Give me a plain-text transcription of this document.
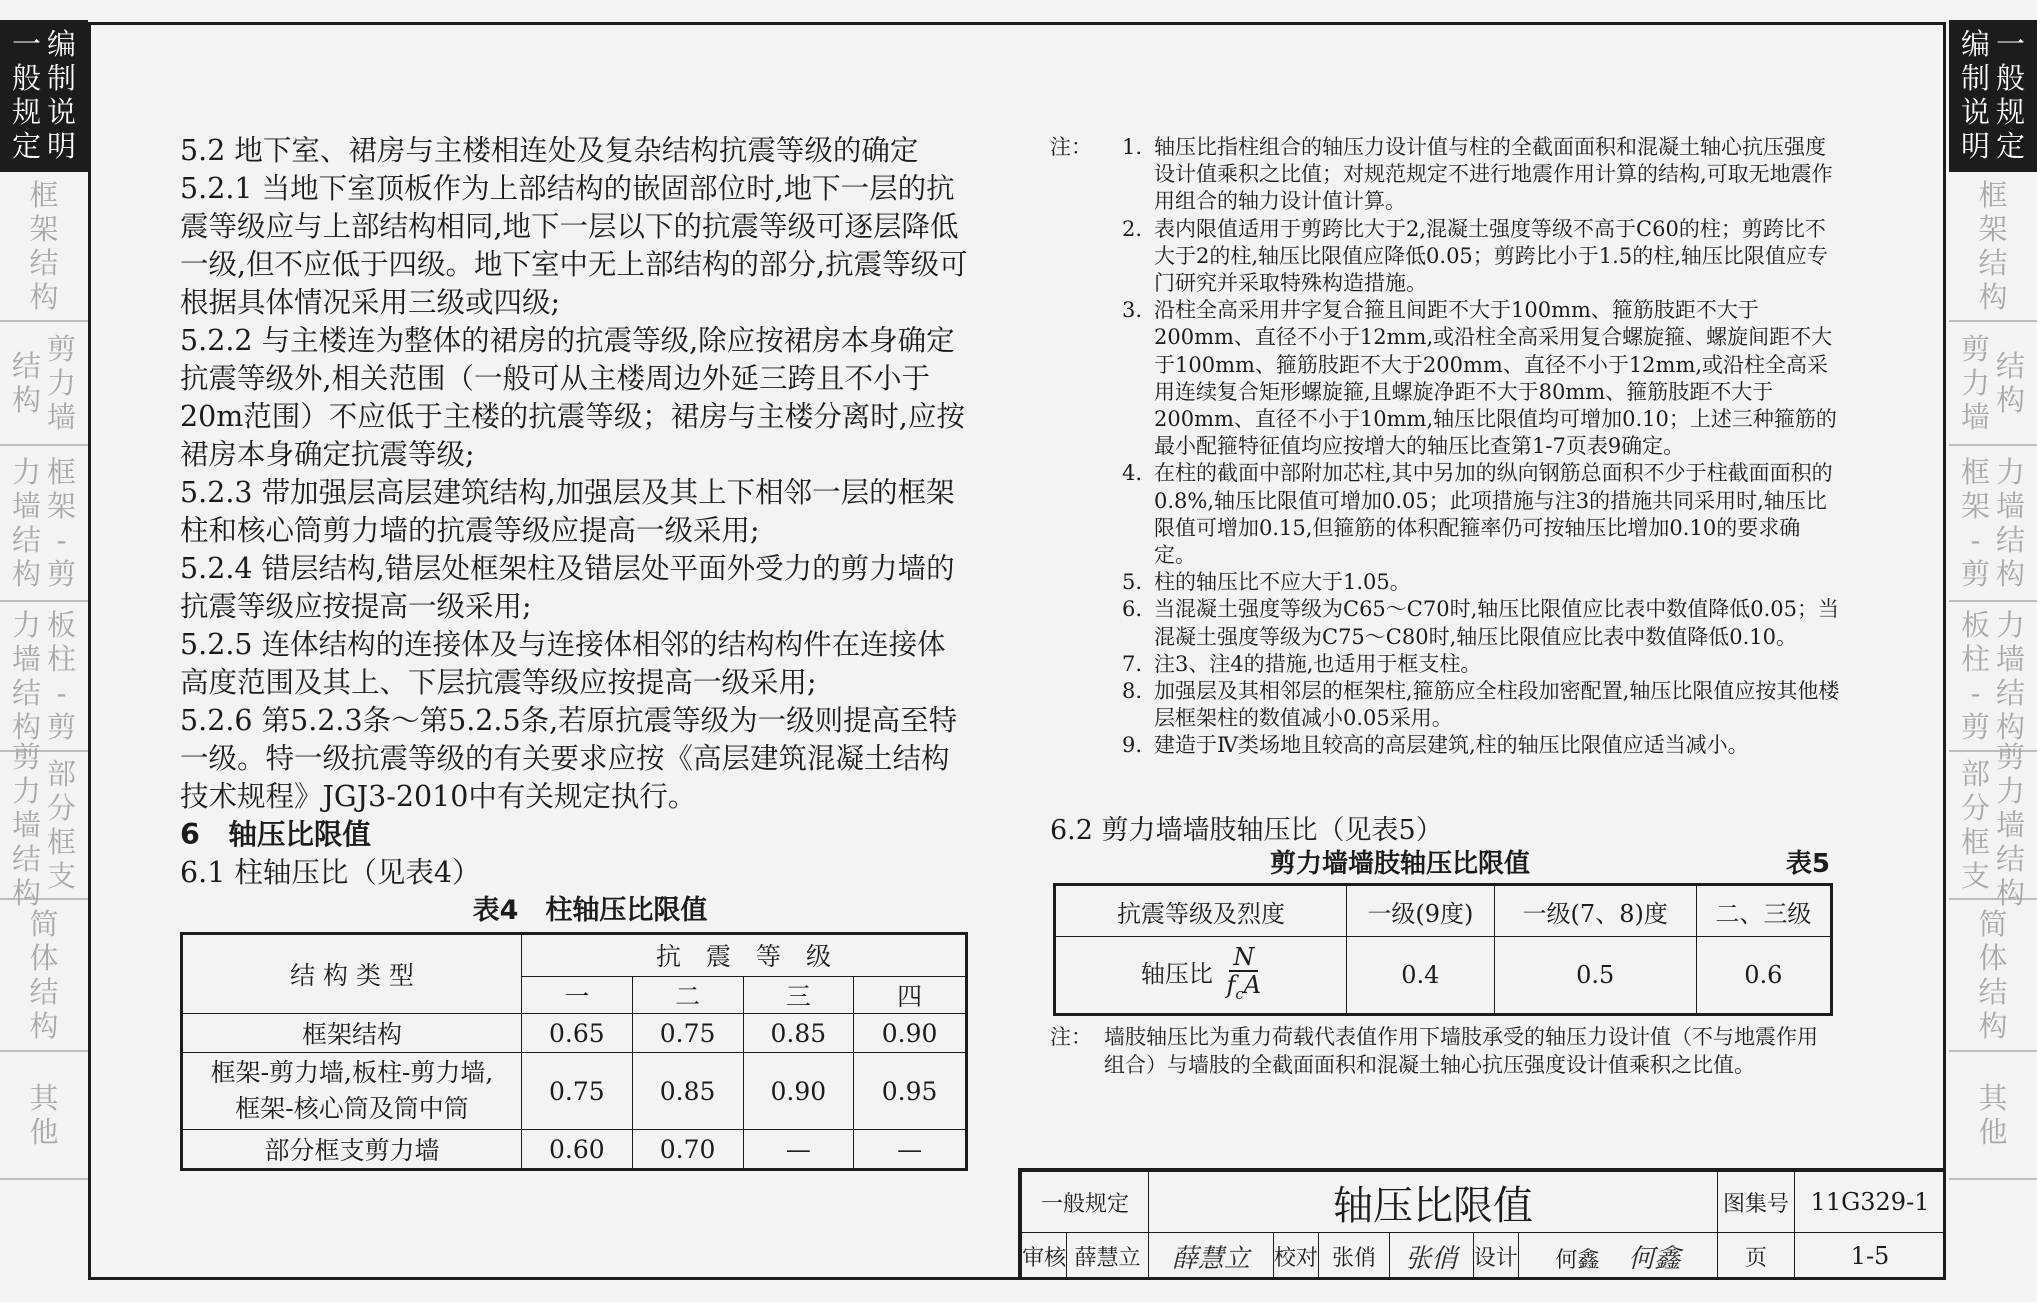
一
般
规
定
编
制
说
明
框
架
结
构
结
构
剪
力
墙
力
墙
结
构
框
架
-
剪
力
墙
结
构
板
柱
-
剪
剪
力
墙
结
构
部
分
框
支
简
体
结
构
其
他
编
制
说
明
一
般
规
定
框
架
结
构
剪
力
墙
结
构
框
架
-
剪
力
墙
结
构
板
柱
-
剪
力
墙
结
构
部
分
框
支
剪
力
墙
结
构
简
体
结
构
其
他

5.2 地下室、裙房与主楼相连处及复杂结构抗震等级的确定

5.2.1 当地下室顶板作为上部结构的嵌固部位时,地下一层的抗震等级应与上部结构相同,地下一层以下的抗震等级可逐层降低一级,但不应低于四级。地下室中无上部结构的部分,抗震等级可根据具体情况采用三级或四级;

5.2.2 与主楼连为整体的裙房的抗震等级,除应按裙房本身确定抗震等级外,相关范围（一般可从主楼周边外延三跨且不小于20m范围）不应低于主楼的抗震等级；裙房与主楼分离时,应按裙房本身确定抗震等级;

5.2.3 带加强层高层建筑结构,加强层及其上下相邻一层的框架柱和核心筒剪力墙的抗震等级应提高一级采用;

5.2.4 错层结构,错层处框架柱及错层处平面外受力的剪力墙的抗震等级应按提高一级采用;

5.2.5 连体结构的连接体及与连接体相邻的结构构件在连接体高度范围及其上、下层抗震等级应按提高一级采用;

5.2.6 第5.2.3条～第5.2.5条,若原抗震等级为一级则提高至特一级。特一级抗震等级的有关要求应按《高层建筑混凝土结构技术规程》JGJ3-2010中有关规定执行。

6　轴压比限值

6.1 柱轴压比（见表4）

表4　柱轴压比限值

结 构 类 型	抗　震　等　级			
	一	二	三	四
框架结构	0.65	0.75	0.85	0.90

框架-剪力墙,板柱-剪力墙,
框架-核心筒及筒中筒	0.75	0.85	0.90	0.95
部分框支剪力墙	0.60	0.70	—	—
注：	1. 轴压比指柱组合的轴压力设计值与柱的全截面面积和混凝土轴心抗压强度设计值乘积之比值；对规范规定不进行地震作用计算的结构,可取无地震作用组合的轴力设计值计算。
2. 表内限值适用于剪跨比大于2,混凝土强度等级不高于C60的柱；剪跨比不大于2的柱,轴压比限值应降低0.05；剪跨比小于1.5的柱,轴压比限值应专门研究并采取特殊构造措施。
3. 沿柱全高采用井字复合箍且间距不大于100mm、箍筋肢距不大于200mm、直径不小于12mm,或沿柱全高采用复合螺旋箍、螺旋间距不大于100mm、箍筋肢距不大于200mm、直径不小于12mm,或沿柱全高采用连续复合矩形螺旋箍,且螺旋净距不大于80mm、箍筋肢距不大于200mm、直径不小于10mm,轴压比限值均可增加0.10；上述三种箍筋的最小配箍特征值均应按增大的轴压比查第1-7页表9确定。
4. 在柱的截面中部附加芯柱,其中另加的纵向钢筋总面积不少于柱截面面积的0.8%,轴压比限值可增加0.05；此项措施与注3的措施共同采用时,轴压比限值可增加0.15,但箍筋的体积配箍率仍可按轴压比增加0.10的要求确定。
5. 柱的轴压比不应大于1.05。
6. 当混凝土强度等级为C65～C70时,轴压比限值应比表中数值降低0.05；当混凝土强度等级为C75～C80时,轴压比限值应比表中数值降低0.10。
7. 注3、注4的措施,也适用于框支柱。
8. 加强层及其相邻层的框架柱,箍筋应全柱段加密配置,轴压比限值应按其他楼层框架柱的数值减小0.05采用。
9. 建造于Ⅳ类场地且较高的高层建筑,柱的轴压比限值应适当减小。
6.2 剪力墙墙肢轴压比（见表5）
剪力墙墙肢轴压比限值	表5
抗震等级及烈度	一级(9度)	一级(7、8)度	二、三级
轴压比 $\frac{N}{f_cA}$	0.4	0.5	0.6
注： 墙肢轴压比为重力荷载代表值作用下墙肢承受的轴压力设计值（不与地震作用组合）与墙肢的全截面面积和混凝土轴心抗压强度设计值乘积之比值。
一般规定		轴压比限值						图集号	11G329-1
审核	薛慧立	薛慧立	校对	张俏	张俏	设计	何鑫 何鑫	页	1-5
